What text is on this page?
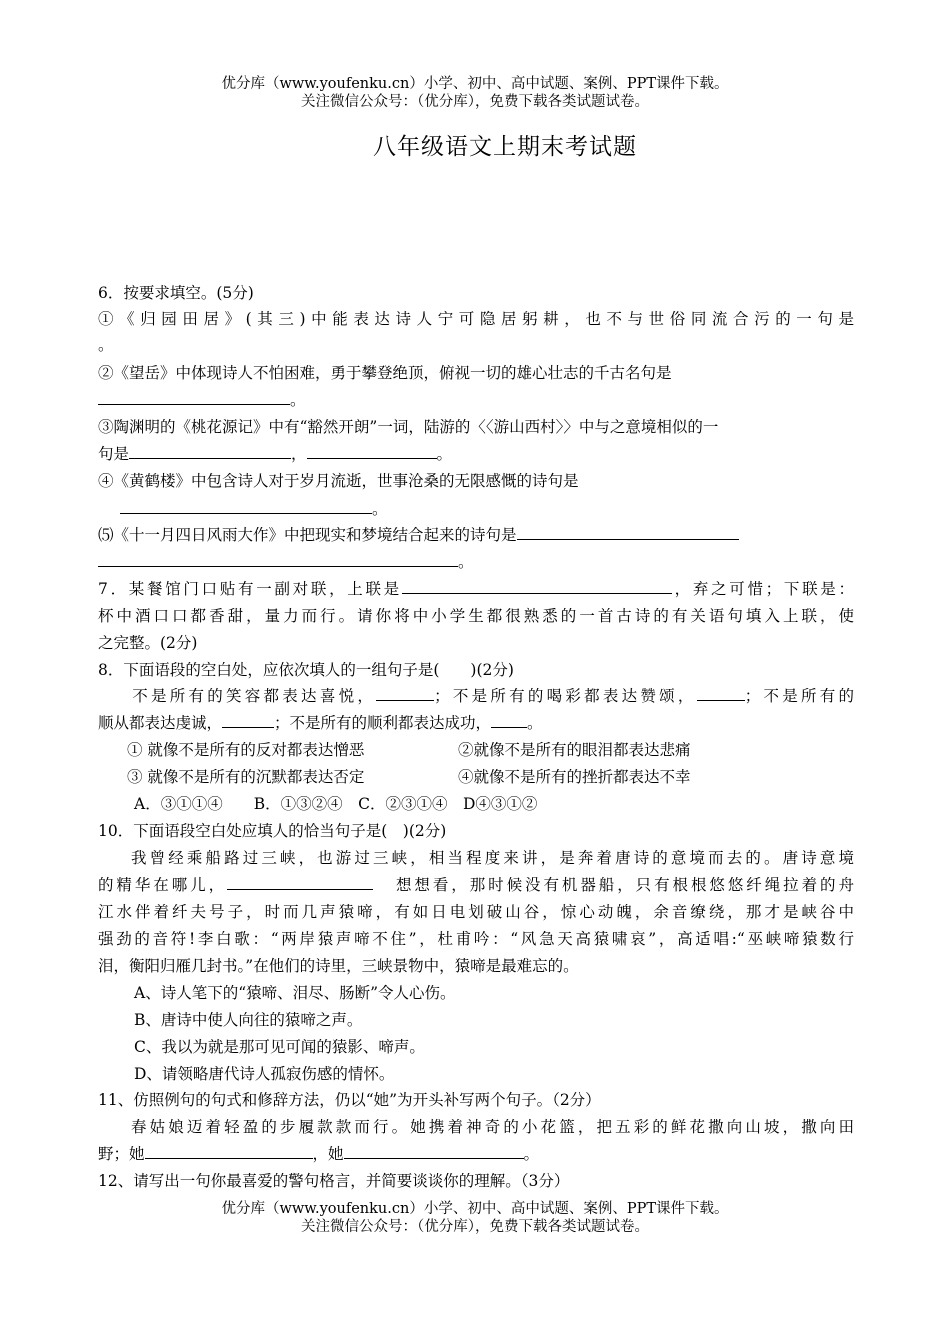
优分库（www.youfenku.cn）小学、初中、高中试题、案例、PPT课件下载。
关注微信公众号：（优分库），免费下载各类试题试卷。
八年级语文上期末考试题
6．按要求填空。(5分)
①《归园田居》(其三)中能表达诗人宁可隐居躬耕，也不与世俗同流合污的一句是
。
②《望岳》中体现诗人不怕困难，勇于攀登绝顶，俯视一切的雄心壮志的千古名句是
。
③陶渊明的《桃花源记》中有“豁然开朗”一词，陆游的〈〈游山西村〉〉中与之意境相似的一
句是	，	。
④《黄鹤楼》中包含诗人对于岁月流逝，世事沧桑的无限感慨的诗句是
。
⑸《十一月四日风雨大作》中把现实和梦境结合起来的诗句是
。
7．某餐馆门口贴有一副对联，上联是	，弃之可惜；下联是：
杯中酒口口都香甜，量力而行。请你将中小学生都很熟悉的一首古诗的有关语句填入上联，使
之完整。(2分)
8．下面语段的空白处，应依次填人的一组句子是(　　)(2分)
不是所有的笑容都表达喜悦，	；不是所有的喝彩都表达赞颂，	；不是所有的
顺从都表达虔诚，	；不是所有的顺利都表达成功， 。
① 就像不是所有的反对都表达憎恶	②就像不是所有的眼泪都表达悲痛
③ 就像不是所有的沉默都表达否定	④就像不是所有的挫折都表达不幸
A．③①①④　　B．①③②④　C．②③①④　D④③①②
10．下面语段空白处应填人的恰当句子是(　)(2分)
我曾经乘船路过三峡，也游过三峡，相当程度来讲，是奔着唐诗的意境而去的。唐诗意境
的精华在哪儿，	想想看，那时候没有机器船，只有根根悠悠纤绳拉着的舟
江水伴着纤夫号子，时而几声猿啼，有如日电划破山谷，惊心动魄，余音缭绕，那才是峡谷中
强劲的音符!李白歌：“两岸猿声啼不住”，杜甫吟：“风急天高猿啸哀”，高适唱:“巫峡啼猿数行
泪，衡阳归雁几封书。”在他们的诗里，三峡景物中，猿啼是最难忘的。
A、诗人笔下的“猿啼、泪尽、肠断”令人心伤。
B、唐诗中使人向往的猿啼之声。
C、我以为就是那可见可闻的猿影、啼声。
D、请领略唐代诗人孤寂伤感的情怀。
11、仿照例句的句式和修辞方法，仍以“她”为开头补写两个句子。（2分）
春姑娘迈着轻盈的步履款款而行。她携着神奇的小花篮，把五彩的鲜花撒向山坡，撒向田
野；她	，她	。
12、请写出一句你最喜爱的警句格言，并简要谈谈你的理解。（3分）
优分库（www.youfenku.cn）小学、初中、高中试题、案例、PPT课件下载。
关注微信公众号：（优分库），免费下载各类试题试卷。
